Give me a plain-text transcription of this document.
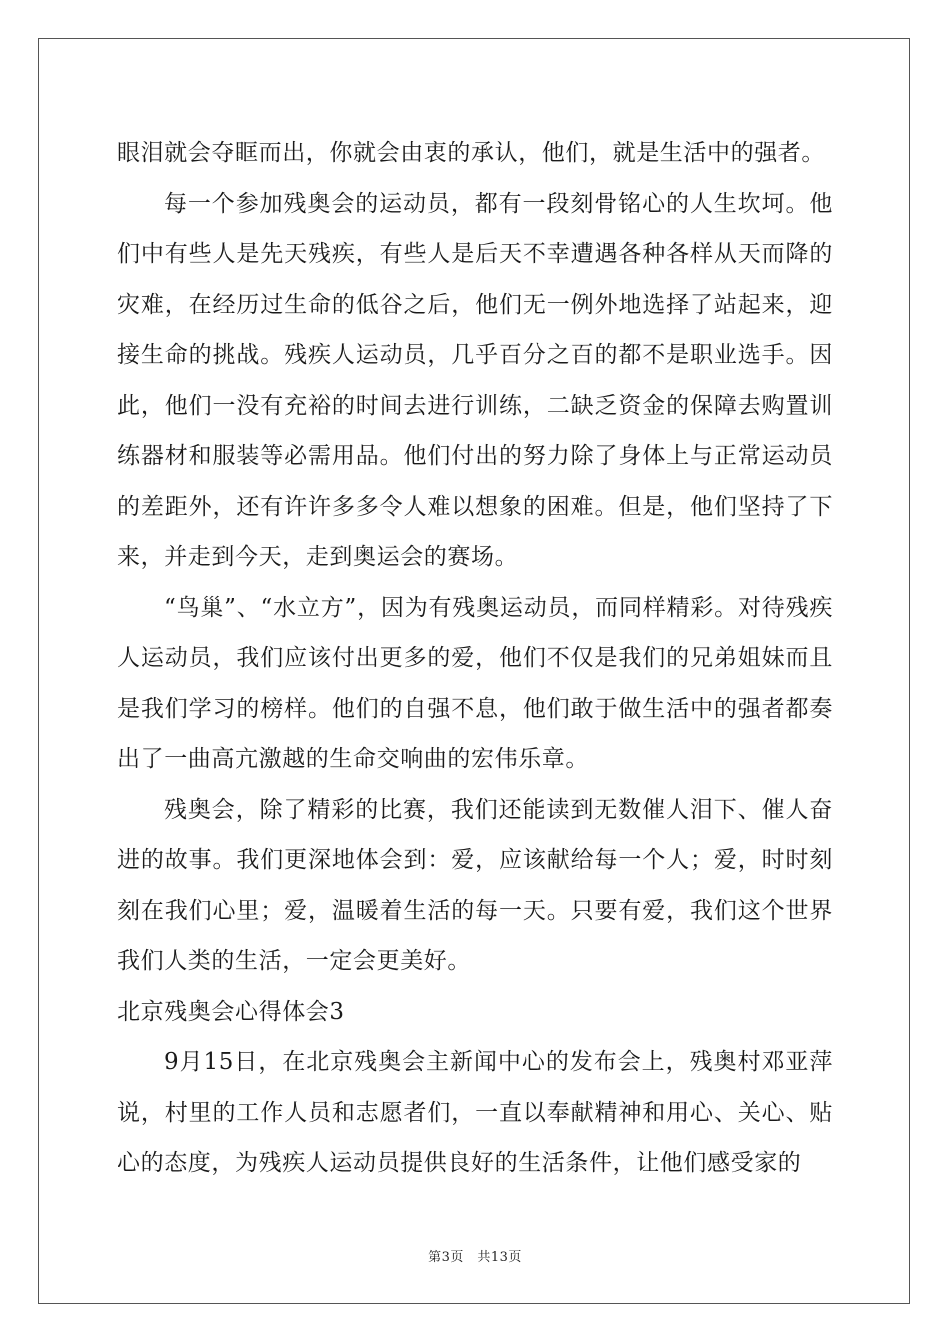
眼泪就会夺眶而出，你就会由衷的承认，他们，就是生活中的强者。

每一个参加残奥会的运动员，都有一段刻骨铭心的人生坎坷。他们中有些人是先天残疾，有些人是后天不幸遭遇各种各样从天而降的灾难，在经历过生命的低谷之后，他们无一例外地选择了站起来，迎接生命的挑战。残疾人运动员，几乎百分之百的都不是职业选手。因此，他们一没有充裕的时间去进行训练，二缺乏资金的保障去购置训练器材和服装等必需用品。他们付出的努力除了身体上与正常运动员的差距外，还有许许多多令人难以想象的困难。但是，他们坚持了下来，并走到今天，走到奥运会的赛场。

“鸟巢”、“水立方”，因为有残奥运动员，而同样精彩。对待残疾人运动员，我们应该付出更多的爱，他们不仅是我们的兄弟姐妹而且是我们学习的榜样。他们的自强不息，他们敢于做生活中的强者都奏出了一曲高亢激越的生命交响曲的宏伟乐章。

残奥会，除了精彩的比赛，我们还能读到无数催人泪下、催人奋进的故事。我们更深地体会到：爱，应该献给每一个人；爱，时时刻刻在我们心里；爱，温暖着生活的每一天。只要有爱，我们这个世界我们人类的生活，一定会更美好。

北京残奥会心得体会3

9月15日，在北京残奥会主新闻中心的发布会上，残奥村邓亚萍说，村里的工作人员和志愿者们，一直以奉献精神和用心、关心、贴心的态度，为残疾人运动员提供良好的生活条件，让他们感受家的

第3页　共13页
